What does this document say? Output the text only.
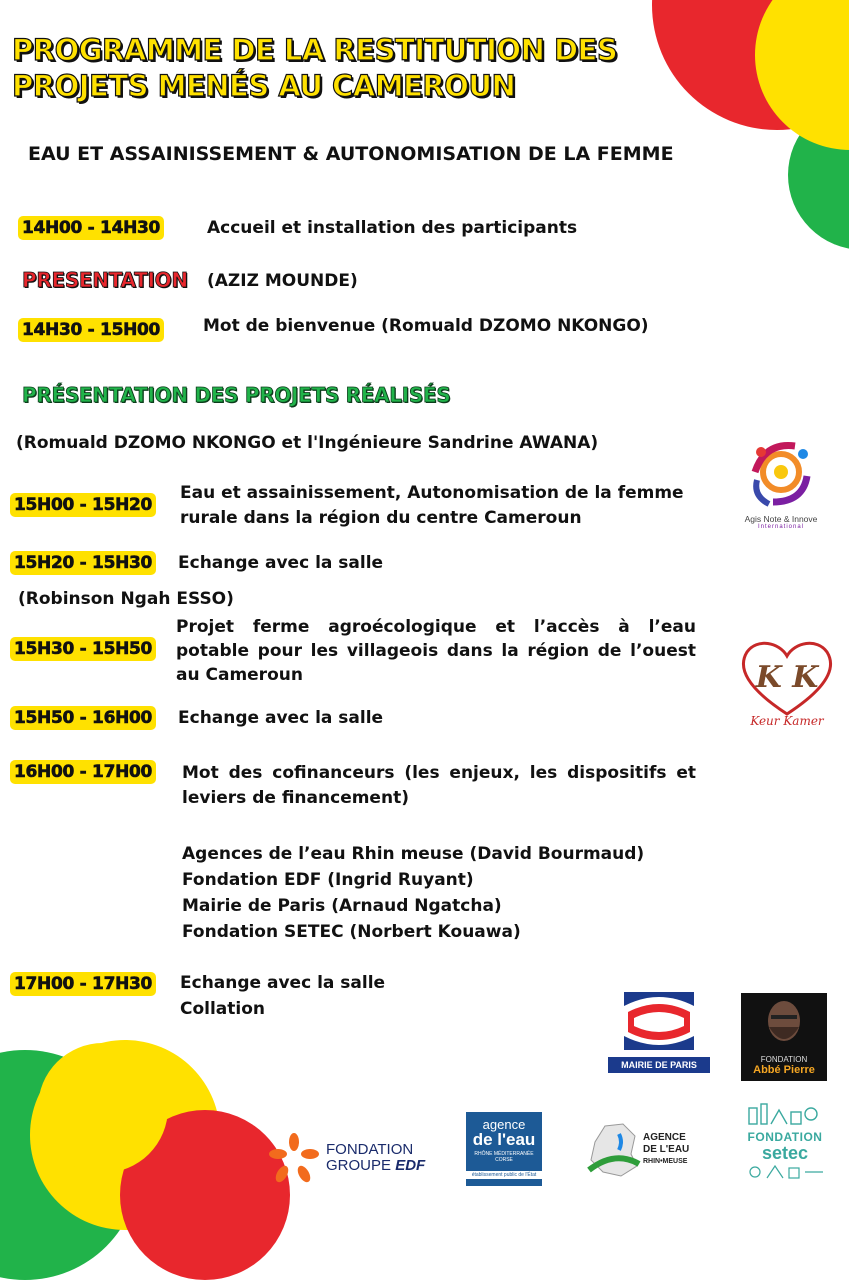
PROGRAMME DE LA RESTITUTION DES
PROJETS MENÉS AU CAMEROUN
EAU ET ASSAINISSEMENT & AUTONOMISATION DE LA FEMME
14H00 - 14H30	Accueil et installation des participants
PRESENTATION (AZIZ MOUNDE)
14H30 - 15H00	Mot de bienvenue (Romuald DZOMO NKONGO)
PRÉSENTATION DES PROJETS RÉALISÉS
(Romuald DZOMO NKONGO et l'Ingénieure Sandrine AWANA)
15H00 - 15H20
Eau et assainissement, Autonomisation de la femme rurale dans la région du centre Cameroun
15H20 - 15H30 Echange avec la salle
(Robinson Ngah ESSO)
15H30 - 15H50
Projet ferme agroécologique et l’accès à l’eau potable pour les villageois dans la région de l’ouest au Cameroun
15H50 - 16H00 Echange avec la salle
16H00 - 17H00 Mot des cofinanceurs (les enjeux, les dispositifs et leviers de financement)
Agences de l’eau Rhin meuse (David Bourmaud)
Fondation EDF (Ingrid Ruyant)
Mairie de Paris (Arnaud Ngatcha)
Fondation SETEC (Norbert Kouawa)
17H00 - 17H30 Echange avec la salle
Collation
Agis Note & Innove
International
K K
Keur Kamer
MAIRIE DE PARIS
FONDATION
Abbé Pierre
FONDATION
GROUPE EDF
agence
de l'eau
RHÔNE MÉDITERRANÉE
CORSE
établissement public de l'État
AGENCE
DE L'EAU
RHIN•MEUSE
FONDATION
setec
